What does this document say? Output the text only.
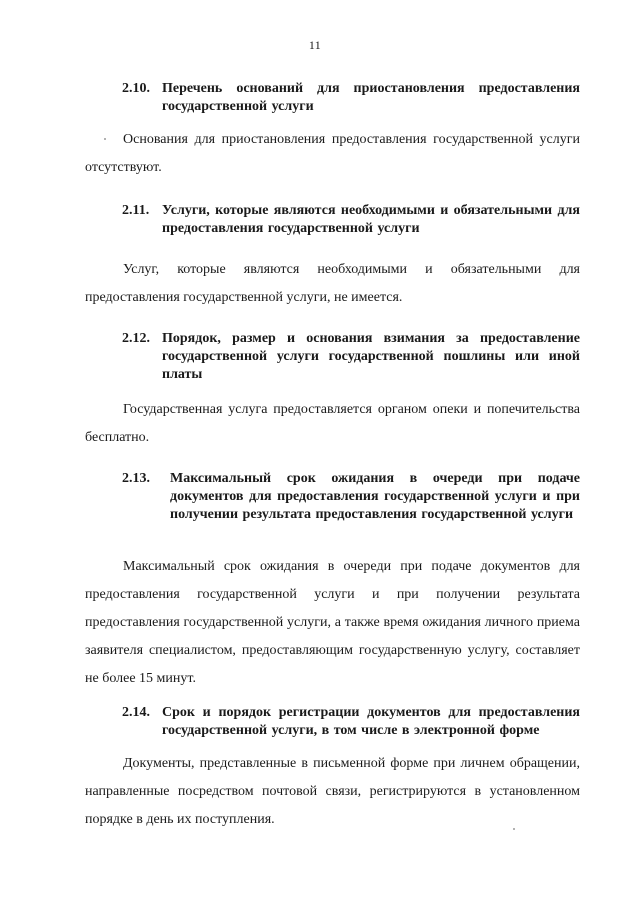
11
2.10. Перечень оснований для приостановления предоставления государственной услуги

Основания для приостановления предоставления государственной услуги отсутствуют.

2.11. Услуги, которые являются необходимыми и обязательными для предоставления государственной услуги

Услуг, которые являются необходимыми и обязательными для предоставления государственной услуги, не имеется.

2.12. Порядок, размер и основания взимания за предоставление государственной услуги государственной пошлины или иной платы

Государственная услуга предоставляется органом опеки и попечительства бесплатно.

2.13.	Максимальный срок ожидания в очереди при подаче документов для предоставления государственной услуги и при получении результата предоставления государственной услуги

Максимальный срок ожидания в очереди при подаче документов для предоставления государственной услуги и при получении результата предоставления государственной услуги, а также время ожидания личного приема заявителя специалистом, предоставляющим государственную услугу, составляет не более 15 минут.

2.14. Срок и порядок регистрации документов для предоставления государственной услуги, в том числе в электронной форме

Документы, представленные в письменной форме при личнем обращении, направленные посредством почтовой связи, регистрируются в установленном порядке в день их поступления.
